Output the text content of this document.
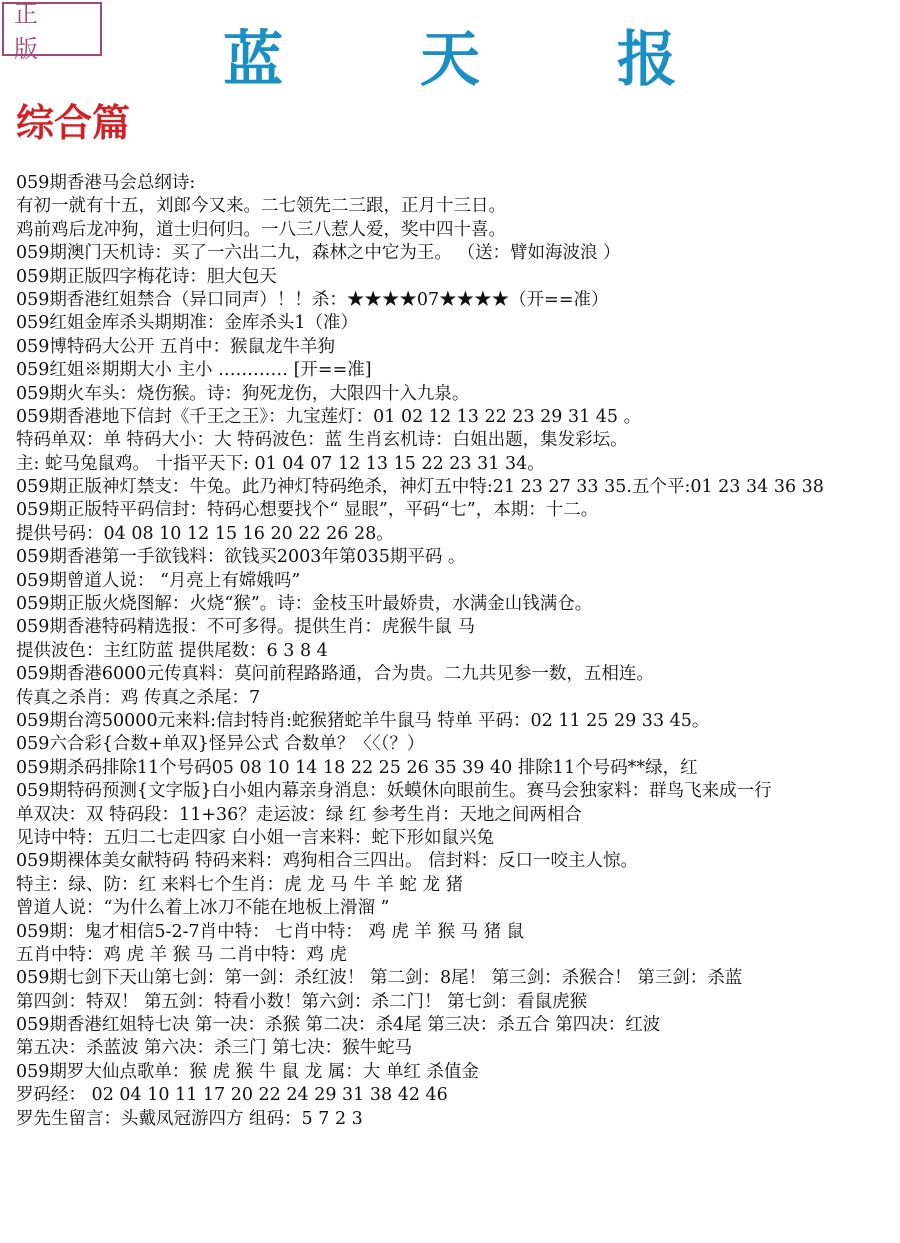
正 版	蓝 天 报
综合篇
059期香港马会总纲诗:
有初一就有十五，刘郎今又来。二七领先二三跟，正月十三日。
鸡前鸡后龙冲狗，道士归何归。一八三八惹人爱，奖中四十喜。
059期澳门天机诗：买了一六出二九，森林之中它为王。 （送：臂如海波浪 ）
059期正版四字梅花诗：胆大包天
059期香港红姐禁合（异口同声）！！杀：★★★★07★★★★（开==准）
059红姐金库杀头期期准：金库杀头1（准）
059博特码大公开 五肖中：猴鼠龙牛羊狗
059红姐※期期大小 主小 ………… [开==准]
059期火车头：烧伤猴。诗：狗死龙伤，大限四十入九泉。
059期香港地下信封《千王之王》：九宝莲灯：01 02 12 13 22 23 29 31 45 。
特码单双：单 特码大小：大 特码波色：蓝 生肖玄机诗：白姐出题，集发彩坛。
主: 蛇马兔鼠鸡。 十指平天下: 01 04 07 12 13 15 22 23 31 34。
059期正版神灯禁支：牛兔。此乃神灯特码绝杀，神灯五中特:21 23 27 33 35.五个平:01 23 34 36 38
059期正版特平码信封：特码心想要找个“ 显眼”，平码“七”，本期：十二。
提供号码：04 08 10 12 15 16 20 22 26 28。
059期香港第一手欲钱料：欲钱买2003年第035期平码 。
059期曾道人说： “月亮上有嫦娥吗”
059期正版火烧图解：火烧“猴”。诗：金枝玉叶最娇贵，水满金山钱满仓。
059期香港特码精选报：不可多得。提供生肖：虎猴牛鼠 马
提供波色：主红防蓝 提供尾数：6 3 8 4
059期香港6000元传真料：莫问前程路路通，合为贵。二九共见参一数，五相连。
传真之杀肖：鸡 传真之杀尾：7
059期台湾50000元来料:信封特肖:蛇猴猪蛇羊牛鼠马 特单 平码：02 11 25 29 33 45。
059六合彩{合数+单双}怪异公式 合数单？〈〈（？）
059期杀码排除11个号码05 08 10 14 18 22 25 26 35 39 40 排除11个号码**绿，红
059期特码预测{文字版}白小姐内幕亲身消息：妖蟆休向眼前生。赛马会独家料：群鸟飞来成一行
单双决：双 特码段：11+36？走运波：绿 红 参考生肖：天地之间两相合
见诗中特：五归二七走四家 白小姐一言来料：蛇下形如鼠兴兔
059期裸体美女献特码 特码来料：鸡狗相合三四出。 信封料：反口一咬主人惊。
特主：绿、防：红 来料七个生肖：虎 龙 马 牛 羊 蛇 龙 猪
曾道人说：“为什么着上冰刀不能在地板上滑溜 ”
059期：鬼才相信5-2-7肖中特： 七肖中特： 鸡 虎 羊 猴 马 猪 鼠
五肖中特：鸡 虎 羊 猴 马 二肖中特：鸡 虎
059期七剑下天山第七剑：第一剑：杀红波！ 第二剑：8尾！ 第三剑：杀猴合！ 第三剑：杀蓝
第四剑：特双！ 第五剑：特看小数！第六剑：杀二门！ 第七剑：看鼠虎猴
059期香港红姐特七决 第一决：杀猴 第二决：杀4尾 第三决：杀五合 第四决：红波
第五决：杀蓝波 第六决：杀三门 第七决：猴牛蛇马
059期罗大仙点歌单：猴 虎 猴 牛 鼠 龙 属：大 单红 杀值金
罗码经： 02 04 10 11 17 20 22 24 29 31 38 42 46
罗先生留言：头戴凤冠游四方 组码：5 7 2 3
